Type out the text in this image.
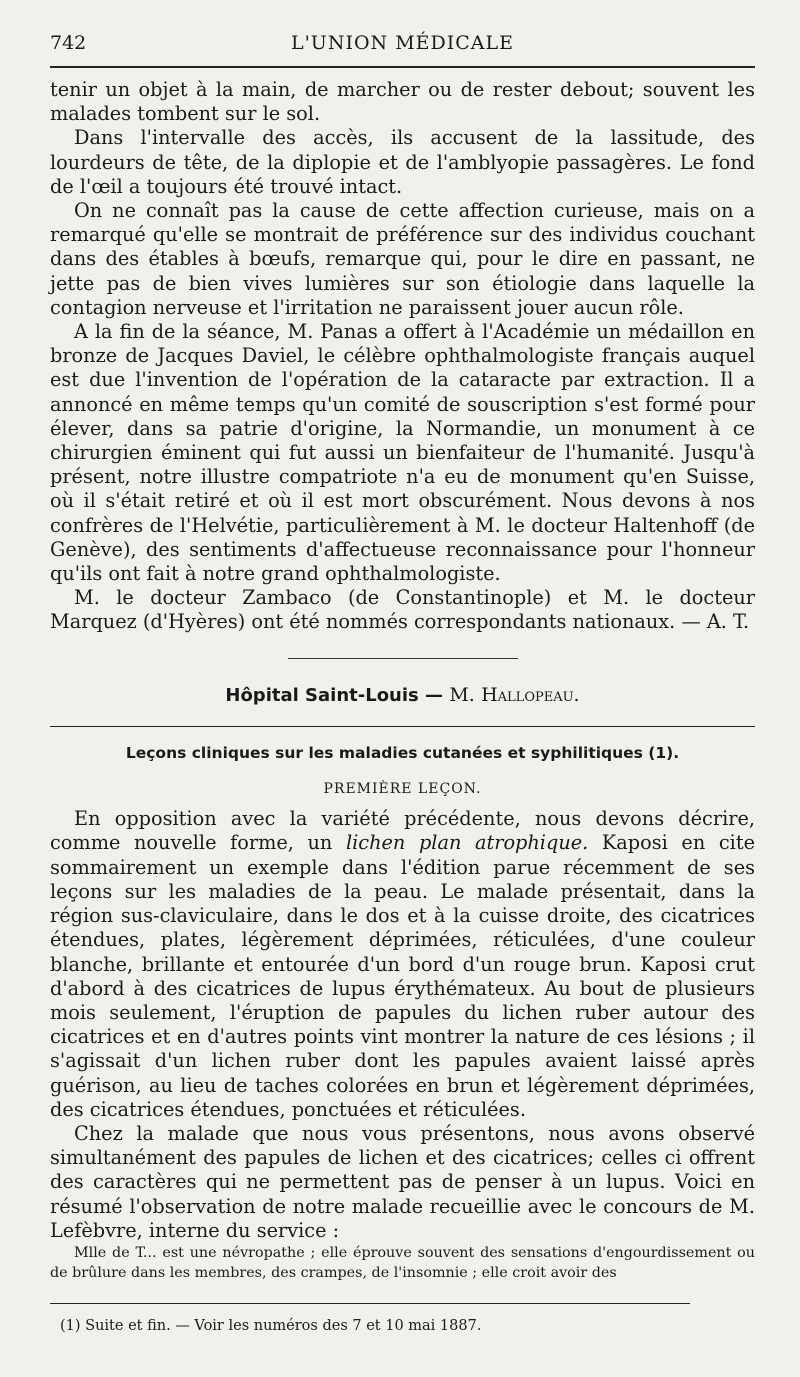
742	L'UNION MÉDICALE

tenir un objet à la main, de marcher ou de rester debout; souvent les malades tombent sur le sol.

Dans l'intervalle des accès, ils accusent de la lassitude, des lourdeurs de tête, de la diplopie et de l'amblyopie passagères. Le fond de l'œil a toujours été trouvé intact.

On ne connaît pas la cause de cette affection curieuse, mais on a remarqué qu'elle se montrait de préférence sur des individus couchant dans des étables à bœufs, remarque qui, pour le dire en passant, ne jette pas de bien vives lumières sur son étiologie dans laquelle la contagion nerveuse et l'irritation ne paraissent jouer aucun rôle.

A la fin de la séance, M. Panas a offert à l'Académie un médaillon en bronze de Jacques Daviel, le célèbre ophthalmologiste français auquel est due l'invention de l'opération de la cataracte par extraction. Il a annoncé en même temps qu'un comité de souscription s'est formé pour élever, dans sa patrie d'origine, la Normandie, un monument à ce chirurgien éminent qui fut aussi un bienfaiteur de l'humanité. Jusqu'à présent, notre illustre compatriote n'a eu de monument qu'en Suisse, où il s'était retiré et où il est mort obscurément. Nous devons à nos confrères de l'Helvétie, particulièrement à M. le docteur Haltenhoff (de Genève), des sentiments d'affectueuse reconnaissance pour l'honneur qu'ils ont fait à notre grand ophthalmologiste.

M. le docteur Zambaco (de Constantinople) et M. le docteur Marquez (d'Hyères) ont été nommés correspondants nationaux. — A. T.

Hôpital Saint-Louis — M. Hallopeau.
Leçons cliniques sur les maladies cutanées et syphilitiques (1).
PREMIÈRE LEÇON.

En opposition avec la variété précédente, nous devons décrire, comme nouvelle forme, un lichen plan atrophique. Kaposi en cite sommairement un exemple dans l'édition parue récemment de ses leçons sur les maladies de la peau. Le malade présentait, dans la région sus-claviculaire, dans le dos et à la cuisse droite, des cicatrices étendues, plates, légèrement déprimées, réticulées, d'une couleur blanche, brillante et entourée d'un bord d'un rouge brun. Kaposi crut d'abord à des cicatrices de lupus érythémateux. Au bout de plusieurs mois seulement, l'éruption de papules du lichen ruber autour des cicatrices et en d'autres points vint montrer la nature de ces lésions ; il s'agissait d'un lichen ruber dont les papules avaient laissé après guérison, au lieu de taches colorées en brun et légèrement déprimées, des cicatrices étendues, ponctuées et réticulées.

Chez la malade que nous vous présentons, nous avons observé simultanément des papules de lichen et des cicatrices; celles ci offrent des caractères qui ne permettent pas de penser à un lupus. Voici en résumé l'observation de notre malade recueillie avec le concours de M. Lefèbvre, interne du service :

Mlle de T... est une névropathe ; elle éprouve souvent des sensations d'engourdissement ou de brûlure dans les membres, des crampes, de l'insomnie ; elle croit avoir des

(1) Suite et fin. — Voir les numéros des 7 et 10 mai 1887.
